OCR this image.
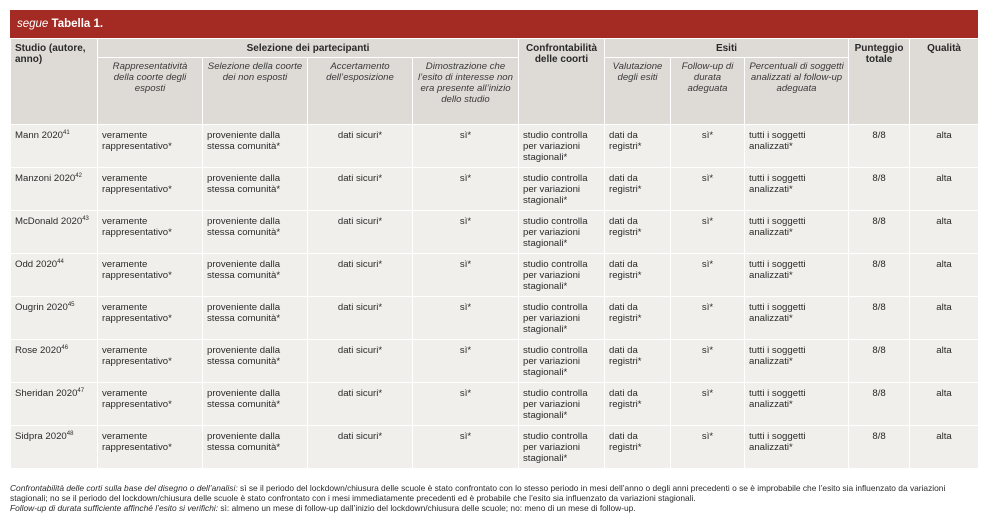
segue Tabella 1.
Studio (autore, anno)	Selezione dei partecipanti				Confrontabilità delle coorti	Esiti			Punteggio totale	Qualità
	Rappresentatività della coorte degli esposti	Selezione della coorte dei non esposti	Accertamento dell’esposizione	Dimostrazione che l’esito di interesse non era presente all’inizio dello studio		Valutazione degli esiti	Follow-up di durata adeguata	Percentuali di soggetti analizzati al follow-up adeguata		
Mann 2020$^{41}$	veramente rappresentativo*	proveniente dalla stessa comunità*	dati sicuri*	sì*	studio controlla per variazioni stagionali*	dati da registri*	sì*	tutti i soggetti analizzati*	8/8	alta
Manzoni 2020$^{42}$	veramente rappresentativo*	proveniente dalla stessa comunità*	dati sicuri*	sì*	studio controlla per variazioni stagionali*	dati da registri*	sì*	tutti i soggetti analizzati*	8/8	alta
McDonald 2020$^{43}$	veramente rappresentativo*	proveniente dalla stessa comunità*	dati sicuri*	sì*	studio controlla per variazioni stagionali*	dati da registri*	sì*	tutti i soggetti analizzati*	8/8	alta
Odd 2020$^{44}$	veramente rappresentativo*	proveniente dalla stessa comunità*	dati sicuri*	sì*	studio controlla per variazioni stagionali*	dati da registri*	sì*	tutti i soggetti analizzati*	8/8	alta
Ougrin 2020$^{45}$	veramente rappresentativo*	proveniente dalla stessa comunità*	dati sicuri*	sì*	studio controlla per variazioni stagionali*	dati da registri*	sì*	tutti i soggetti analizzati*	8/8	alta
Rose 2020$^{46}$	veramente rappresentativo*	proveniente dalla stessa comunità*	dati sicuri*	sì*	studio controlla per variazioni stagionali*	dati da registri*	sì*	tutti i soggetti analizzati*	8/8	alta
Sheridan 2020$^{47}$	veramente rappresentativo*	proveniente dalla stessa comunità*	dati sicuri*	sì*	studio controlla per variazioni stagionali*	dati da registri*	sì*	tutti i soggetti analizzati*	8/8	alta
Sidpra 2020$^{48}$	veramente rappresentativo*	proveniente dalla stessa comunità*	dati sicuri*	sì*	studio controlla per variazioni stagionali*	dati da registri*	sì*	tutti i soggetti analizzati*	8/8	alta
Confrontabilità delle corti sulla base del disegno o dell’analisi: sì se il periodo del lockdown/chiusura delle scuole è stato confrontato con lo stesso periodo in mesi dell’anno o degli anni precedenti o se è improbabile che l’esito sia influenzato da variazioni stagionali; no se il periodo del lockdown/chiusura delle scuole è stato confrontato con i mesi immediatamente precedenti ed è probabile che l’esito sia influenzato da variazioni stagionali.
Follow-up di durata sufficiente affinché l’esito si verifichi: sì: almeno un mese di follow-up dall’inizio del lockdown/chiusura delle scuole; no: meno di un mese di follow-up.
